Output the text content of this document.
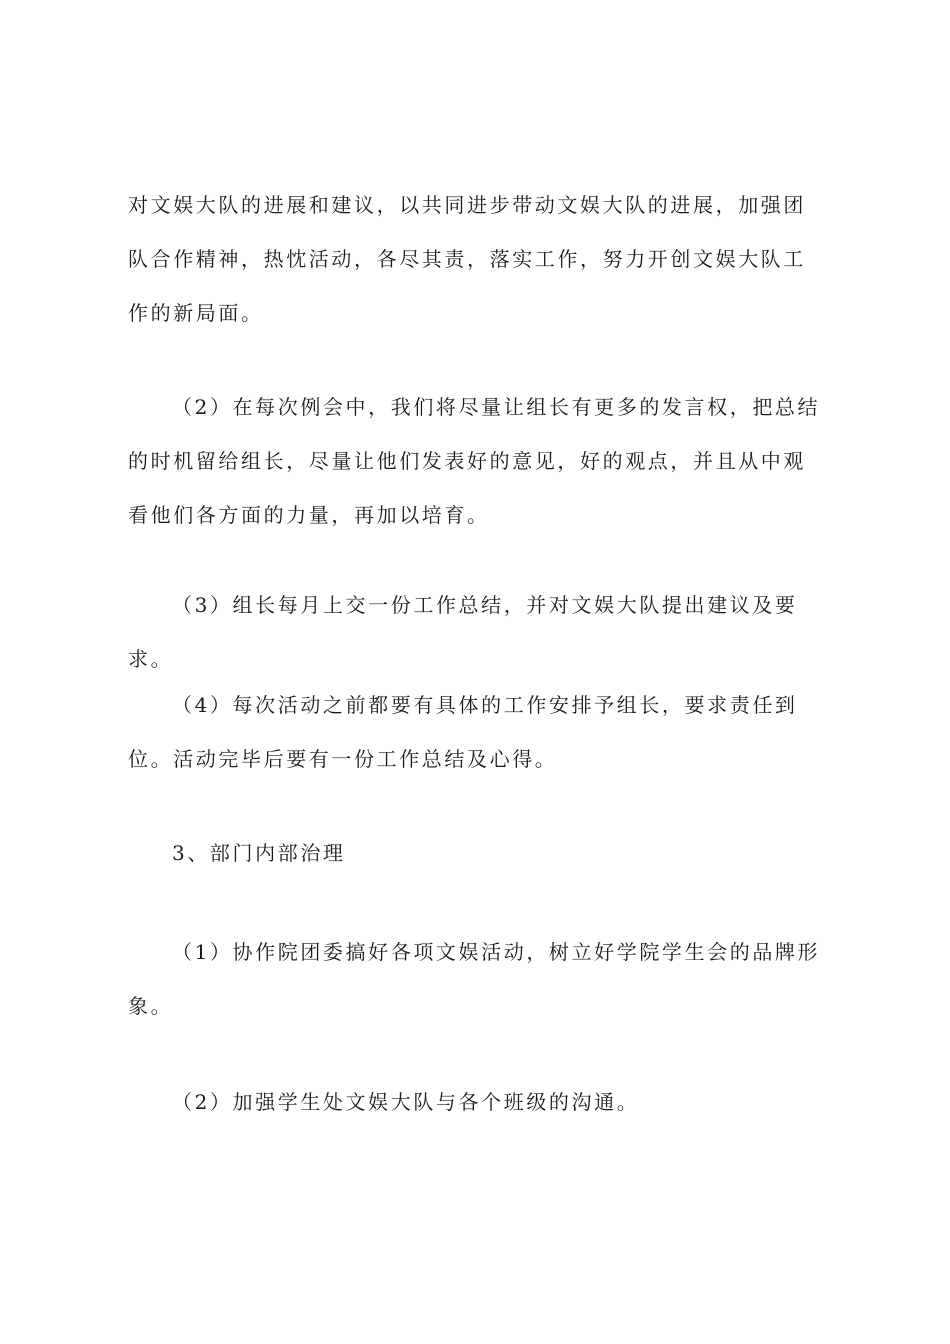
对文娱大队的进展和建议，以共同进步带动文娱大队的进展，加强团队合作精神，热忱活动，各尽其责，落实工作，努力开创文娱大队工作的新局面。

（2）在每次例会中，我们将尽量让组长有更多的发言权，把总结的时机留给组长，尽量让他们发表好的意见，好的观点，并且从中观看他们各方面的力量，再加以培育。

（3）组长每月上交一份工作总结，并对文娱大队提出建议及要求。

（4）每次活动之前都要有具体的工作安排予组长，要求责任到位。活动完毕后要有一份工作总结及心得。

3、部门内部治理

（1）协作院团委搞好各项文娱活动，树立好学院学生会的品牌形象。

（2）加强学生处文娱大队与各个班级的沟通。
